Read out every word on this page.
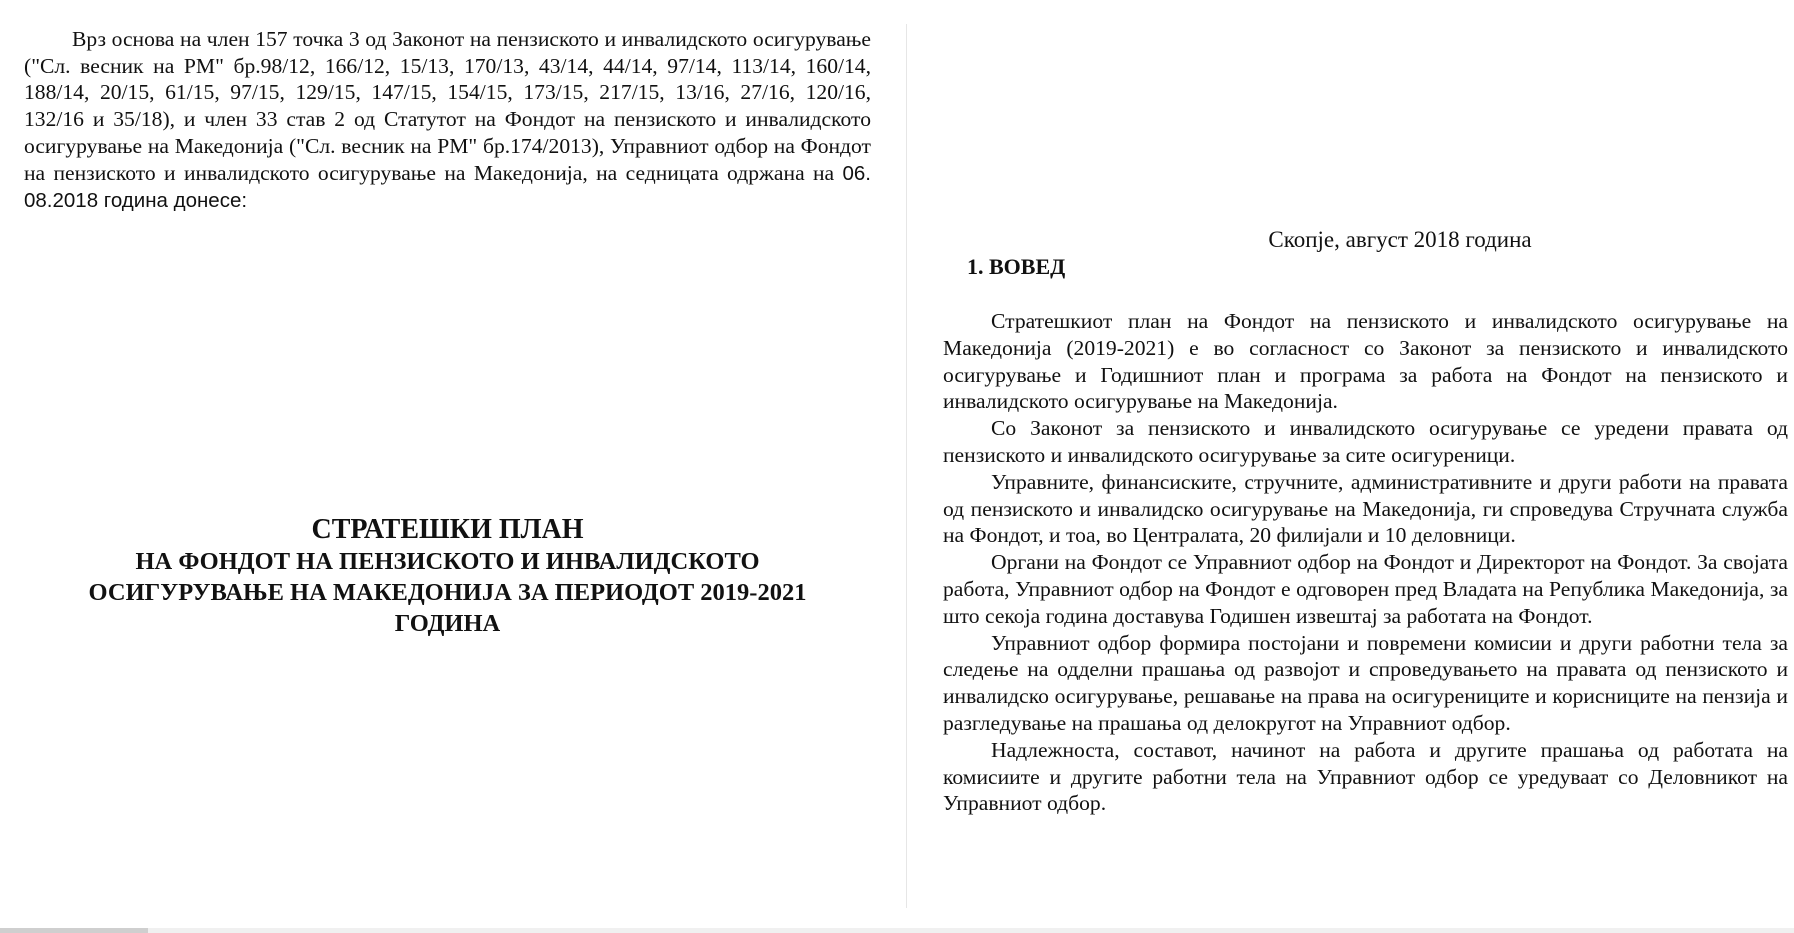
Врз основа на член 157 точка 3 од Законот на пензиското и инвалидското осигурување ("Сл. весник на РМ" бр.98/12, 166/12, 15/13, 170/13, 43/14, 44/14, 97/14, 113/14, 160/14, 188/14, 20/15, 61/15, 97/15, 129/15, 147/15, 154/15, 173/15, 217/15, 13/16, 27/16, 120/16, 132/16 и 35/18), и член 33 став 2 од Статутот на Фондот на пензиското и инвалидското осигурување на Македонија ("Сл. весник на РМ" бр.174/2013), Управниот одбор на Фондот на пензиското и инвалидското осигурување на Македонија, на седницата одржана на 06. 08.2018 година донесе:

СТРАТЕШКИ ПЛАН
НА ФОНДОТ НА ПЕНЗИСКОТО И ИНВАЛИДСКОТО
ОСИГУРУВАЊЕ НА МАКЕДОНИЈА ЗА ПЕРИОДОТ 2019-2021
ГОДИНА
Скопје, август 2018 година
1. ВОВЕД

Стратешкиот план на Фондот на пензиското и инвалидското осигурување на Македонија (2019-2021) е во согласност со Законот за пензиското и инвалидското осигурување и Годишниот план и програма за работа на Фондот на пензиското и инвалидското осигурување на Македонија.

Со Законот за пензиското и инвалидското осигурување се уредени правата од пензиското и инвалидското осигурување за сите осигуреници.

Управните, финансиските, стручните, административните и други работи на правата од пензиското и инвалидско осигурување на Македонија, ги спроведува Стручната служба на Фондот, и тоа, во Централата, 20 филијали и 10 деловници.

Органи на Фондот се Управниот одбор на Фондот и Директорот на Фондот. За својата работа, Управниот одбор на Фондот е одговорен пред Владата на Република Македонија, за што секоја година доставува Годишен извештај за работата на Фондот.

Управниот одбор формира постојани и повремени комисии и други работни тела за следење на одделни прашања од развојот и спроведувањето на правата од пензиското и инвалидско осигурување, решавање на права на осигурениците и корисниците на пензија и разгледување на прашања од делокругот на Управниот одбор.

Надлежноста, составот, начинот на работа и другите прашања од работата на комисиите и другите работни тела на Управниот одбор се уредуваат со Деловникот на Управниот одбор.
